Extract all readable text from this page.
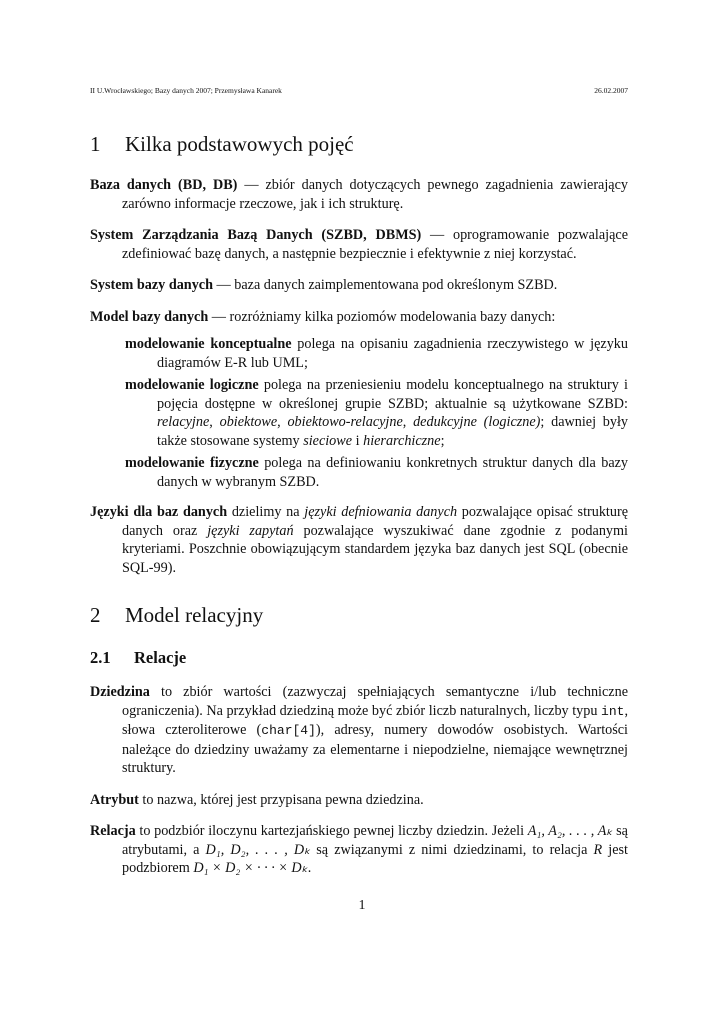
II U.Wrocławskiego; Bazy danych 2007; Przemysława Kanarek	26.02.2007
1	Kilka podstawowych pojęć

Baza danych (BD, DB) — zbiór danych dotyczących pewnego zagadnienia zawierający zarówno informacje rzeczowe, jak i ich strukturę.

System Zarządzania Bazą Danych (SZBD, DBMS) — oprogramowanie pozwalające zdefiniować bazę danych, a następnie bezpiecznie i efektywnie z niej korzystać.

System bazy danych — baza danych zaimplementowana pod określonym SZBD.

Model bazy danych — rozróżniamy kilka poziomów modelowania bazy danych:

modelowanie konceptualne polega na opisaniu zagadnienia rzeczywistego w języku diagramów E-R lub UML;

modelowanie logiczne polega na przeniesieniu modelu konceptualnego na struktury i pojęcia dostępne w określonej grupie SZBD; aktualnie są użytkowane SZBD: relacyjne, obiektowe, obiektowo-relacyjne, dedukcyjne (logiczne); dawniej były także stosowane systemy sieciowe i hierarchiczne;

modelowanie fizyczne polega na definiowaniu konkretnych struktur danych dla bazy danych w wybranym SZBD.

Języki dla baz danych dzielimy na języki defniowania danych pozwalające opisać strukturę danych oraz języki zapytań pozwalające wyszukiwać dane zgodnie z podanymi kryteriami. Poszchnie obowiązującym standardem języka baz danych jest SQL (obecnie SQL-99).

2	Model relacyjny
2.1	Relacje

Dziedzina to zbiór wartości (zazwyczaj spełniających semantyczne i/lub techniczne ograniczenia). Na przykład dziedziną może być zbiór liczb naturalnych, liczby typu int, słowa czteroliterowe (char[4]), adresy, numery dowodów osobistych. Wartości należące do dziedziny uważamy za elementarne i niepodzielne, niemające wewnętrznej struktury.

Atrybut to nazwa, której jest przypisana pewna dziedzina.

Relacja to podzbiór iloczynu kartezjańskiego pewnej liczby dziedzin. Jeżeli A₁, A₂, . . . , Aₖ są atrybutami, a D₁, D₂, . . . , Dₖ są związanymi z nimi dziedzinami, to relacja R jest podzbiorem D₁ × D₂ × · · · × Dₖ.

1
